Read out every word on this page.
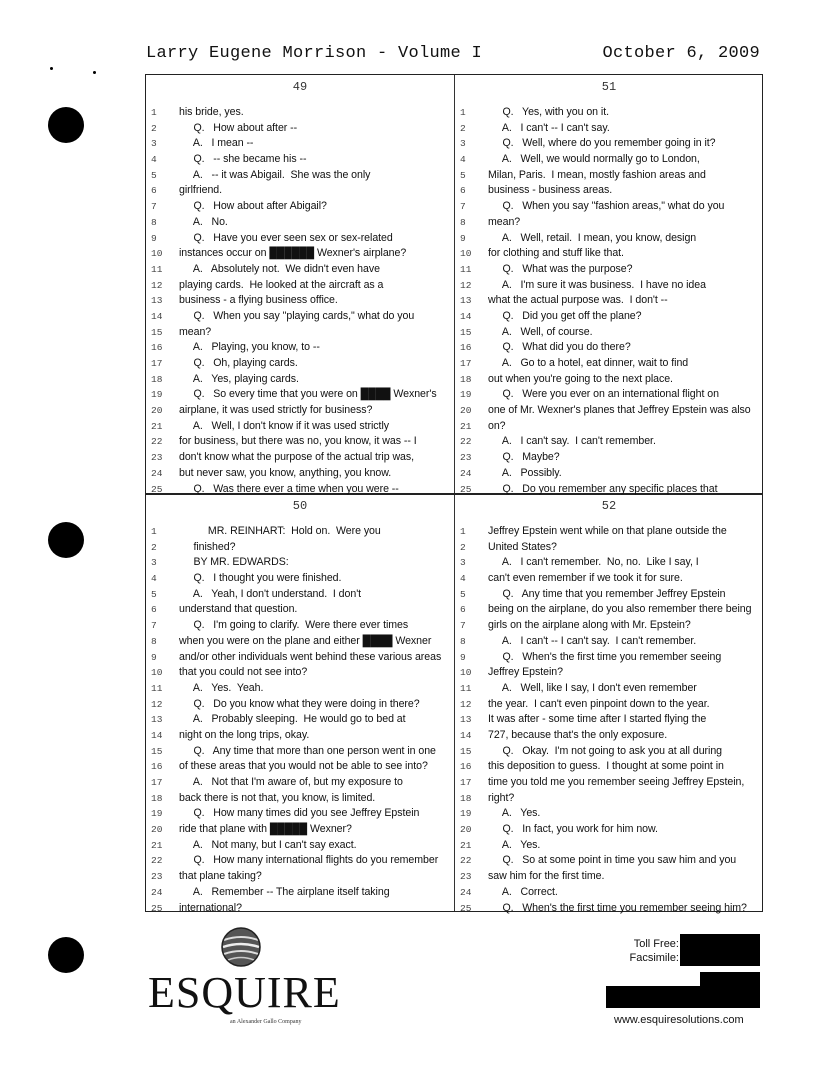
Larry Eugene Morrison - Volume I	October 6, 2009
49
1	his bride, yes.
2	Q.   How about after --
3	A.   I mean --
4	Q.   -- she became his --
5	A.   -- it was Abigail.  She was the only
6	girlfriend.
7	Q.   How about after Abigail?
8	A.   No.
9	Q.   Have you ever seen sex or sex-related
10	instances occur on ██████ Wexner's airplane?
11	A.   Absolutely not.  We didn't even have
12	playing cards.  He looked at the aircraft as a
13	business - a flying business office.
14	Q.   When you say "playing cards," what do you
15	mean?
16	A.   Playing, you know, to --
17	Q.   Oh, playing cards.
18	A.   Yes, playing cards.
19	Q.   So every time that you were on ████ Wexner's
20	airplane, it was used strictly for business?
21	A.   Well, I don't know if it was used strictly
22	for business, but there was no, you know, it was -- I
23	don't know what the purpose of the actual trip was,
24	but never saw, you know, anything, you know.
25	Q.   Was there ever a time when you were --
51
1	Q.   Yes, with you on it.
2	A.   I can't -- I can't say.
3	Q.   Well, where do you remember going in it?
4	A.   Well, we would normally go to London,
5	Milan, Paris.  I mean, mostly fashion areas and
6	business - business areas.
7	Q.   When you say "fashion areas," what do you
8	mean?
9	A.   Well, retail.  I mean, you know, design
10	for clothing and stuff like that.
11	Q.   What was the purpose?
12	A.   I'm sure it was business.  I have no idea
13	what the actual purpose was.  I don't --
14	Q.   Did you get off the plane?
15	A.   Well, of course.
16	Q.   What did you do there?
17	A.   Go to a hotel, eat dinner, wait to find
18	out when you're going to the next place.
19	Q.   Were you ever on an international flight on
20	one of Mr. Wexner's planes that Jeffrey Epstein was also
21	on?
22	A.   I can't say.  I can't remember.
23	Q.   Maybe?
24	A.   Possibly.
25	Q.   Do you remember any specific places that
50
1	MR. REINHART:  Hold on.  Were you
2	finished?
3	BY MR. EDWARDS:
4	Q.   I thought you were finished.
5	A.   Yeah, I don't understand.  I don't
6	understand that question.
7	Q.   I'm going to clarify.  Were there ever times
8	when you were on the plane and either ████ Wexner
9	and/or other individuals went behind these various areas
10	that you could not see into?
11	A.   Yes.  Yeah.
12	Q.   Do you know what they were doing in there?
13	A.   Probably sleeping.  He would go to bed at
14	night on the long trips, okay.
15	Q.   Any time that more than one person went in one
16	of these areas that you would not be able to see into?
17	A.   Not that I'm aware of, but my exposure to
18	back there is not that, you know, is limited.
19	Q.   How many times did you see Jeffrey Epstein
20	ride that plane with █████ Wexner?
21	A.   Not many, but I can't say exact.
22	Q.   How many international flights do you remember
23	that plane taking?
24	A.   Remember -- The airplane itself taking
25	international?
52
1	Jeffrey Epstein went while on that plane outside the
2	United States?
3	A.   I can't remember.  No, no.  Like I say, I
4	can't even remember if we took it for sure.
5	Q.   Any time that you remember Jeffrey Epstein
6	being on the airplane, do you also remember there being
7	girls on the airplane along with Mr. Epstein?
8	A.   I can't -- I can't say.  I can't remember.
9	Q.   When's the first time you remember seeing
10	Jeffrey Epstein?
11	A.   Well, like I say, I don't even remember
12	the year.  I can't even pinpoint down to the year.
13	It was after - some time after I started flying the
14	727, because that's the only exposure.
15	Q.   Okay.  I'm not going to ask you at all during
16	this deposition to guess.  I thought at some point in
17	time you told me you remember seeing Jeffrey Epstein,
18	right?
19	A.   Yes.
20	Q.   In fact, you work for him now.
21	A.   Yes.
22	Q.   So at some point in time you saw him and you
23	saw him for the first time.
24	A.   Correct.
25	Q.   When's the first time you remember seeing him?
ESQUIRE
an Alexander Gallo Company
Toll Free:
Facsimile:
www.esquiresolutions.com
